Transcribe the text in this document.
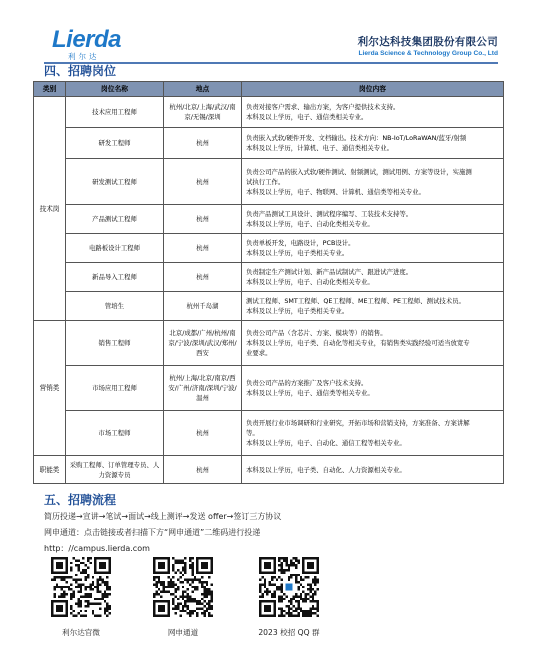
Lierda
利尔达
利尔达科技集团股份有限公司
Lierda Science & Technology Group Co., Ltd
四、招聘岗位
类别	岗位名称	地点	岗位内容
技术岗	技术应用工程师	杭州/北京/上海/武汉/南京/无锡/深圳	负责对接客户需求、输出方案，为客户提供技术支持。
本科及以上学历，电子、通信类相关专业。

	研发工程师	杭州	负责嵌入式软/硬件开发、文档输出。技术方向：NB-IoT/LoRaWAN/蓝牙/射频
本科及以上学历，计算机、电子、通信类相关专业。

	研发测试工程师	杭州	负责公司产品的嵌入式软/硬件测试、射频测试，测试用例、方案等设计，实施测
试执行工作。
本科及以上学历，电子、物联网、计算机、通信类等相关专业。

	产品测试工程师	杭州	负责产品测试工具设计、测试程序编写、工装技术支持等。
本科及以上学历，电子、自动化类相关专业。

	电路板设计工程师	杭州	负责单板开发，电路设计，PCB设计。
本科及以上学历，电子类相关专业。

	新品导入工程师	杭州	负责制定生产测试计划、新产品试制试产、跟进试产进度。
本科及以上学历，电子、自动化类相关专业。

	管培生	杭州千岛湖	测试工程师、SMT工程师、QE工程师、ME工程师、PE工程师、测试技术员。
本科及以上学历，电子类相关专业。

营销类	销售工程师	北京/成都/广州/杭州/南京/宁波/深圳/武汉/郑州/西安	负责公司产品（含芯片、方案、模块等）的销售。
本科及以上学历，电子类、自动化等相关专业，有销售类实践经验可适当放宽专
业要求。

	市场应用工程师	杭州/上海/北京/南京/西安/广州/济南/深圳/宁波/温州	负责公司产品的方案推广及客户技术支持。
本科及以上学历，电子、通信类等相关专业。

	市场工程师	杭州	负责开展行业市场调研和行业研究，开拓市场和营销支持，方案准备、方案讲解
等。
本科及以上学历，电子、自动化、通信工程等相关专业。

职能类	采购工程师、订单管理专员、人力资源专员	杭州	本科及以上学历，电子类、自动化、人力资源相关专业。
五、招聘流程
简历投递→宣讲→笔试→面试→线上测评→发送 offer→签订三方协议
网申通道：点击链接或者扫描下方“网申通道”二维码进行投递
http：//campus.lierda.com
利尔达官微	网申通道	2023 校招 QQ 群
